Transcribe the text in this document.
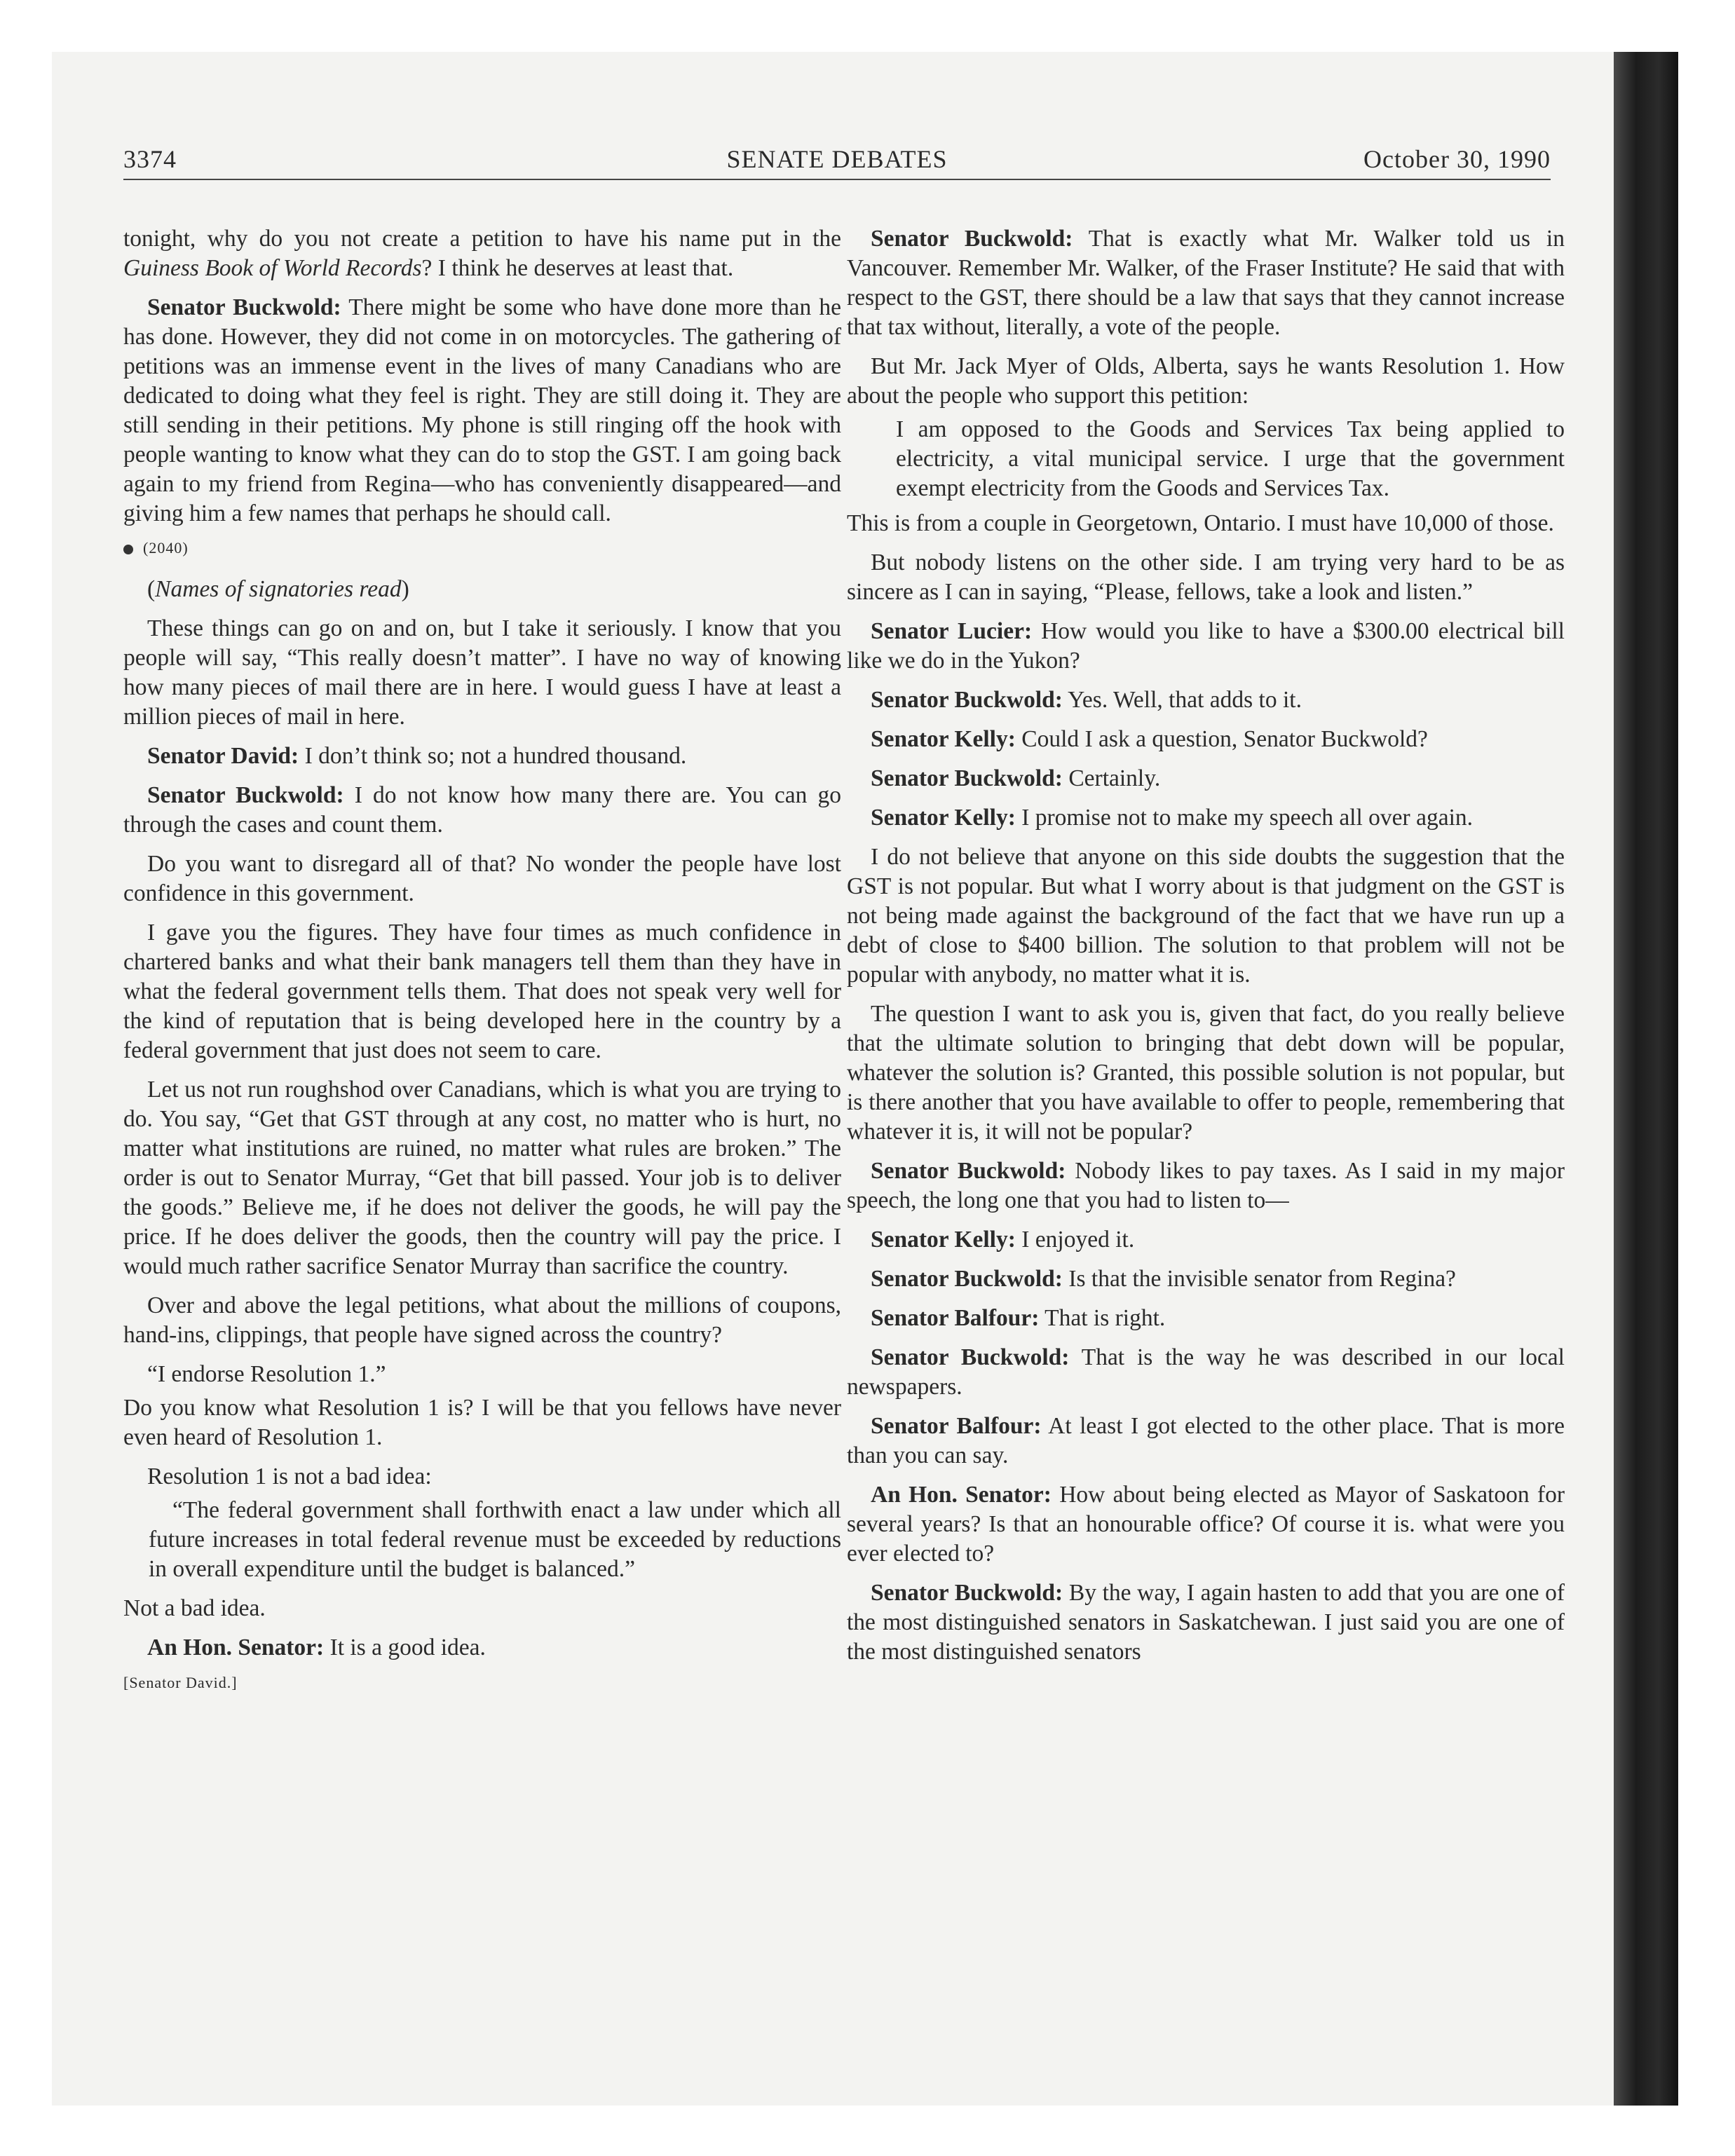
3374	SENATE DEBATES	October 30, 1990

tonight, why do you not create a petition to have his name put in the Guiness Book of World Records? I think he deserves at least that.

Senator Buckwold: There might be some who have done more than he has done. However, they did not come in on motorcycles. The gathering of petitions was an immense event in the lives of many Canadians who are dedicated to doing what they feel is right. They are still doing it. They are still sending in their petitions. My phone is still ringing off the hook with people wanting to know what they can do to stop the GST. I am going back again to my friend from Regina—who has conveniently disappeared—and giving him a few names that perhaps he should call.

(2040)

(Names of signatories read)

These things can go on and on, but I take it seriously. I know that you people will say, “This really doesn’t matter”. I have no way of knowing how many pieces of mail there are in here. I would guess I have at least a million pieces of mail in here.

Senator David: I don’t think so; not a hundred thousand.

Senator Buckwold: I do not know how many there are. You can go through the cases and count them.

Do you want to disregard all of that? No wonder the people have lost confidence in this government.

I gave you the figures. They have four times as much confidence in chartered banks and what their bank managers tell them than they have in what the federal government tells them. That does not speak very well for the kind of reputation that is being developed here in the country by a federal government that just does not seem to care.

Let us not run roughshod over Canadians, which is what you are trying to do. You say, “Get that GST through at any cost, no matter who is hurt, no matter what institutions are ruined, no matter what rules are broken.” The order is out to Senator Murray, “Get that bill passed. Your job is to deliver the goods.” Believe me, if he does not deliver the goods, he will pay the price. If he does deliver the goods, then the country will pay the price. I would much rather sacrifice Senator Murray than sacrifice the country.

Over and above the legal petitions, what about the millions of coupons, hand-ins, clippings, that people have signed across the country?

“I endorse Resolution 1.”

Do you know what Resolution 1 is? I will be that you fellows have never even heard of Resolution 1.

Resolution 1 is not a bad idea:

“The federal government shall forthwith enact a law under which all future increases in total federal revenue must be exceeded by reductions in overall expenditure until the budget is balanced.”

Not a bad idea.

An Hon. Senator: It is a good idea.

[Senator David.]

Senator Buckwold: That is exactly what Mr. Walker told us in Vancouver. Remember Mr. Walker, of the Fraser Institute? He said that with respect to the GST, there should be a law that says that they cannot increase that tax without, literally, a vote of the people.

But Mr. Jack Myer of Olds, Alberta, says he wants Resolution 1. How about the people who support this petition:

I am opposed to the Goods and Services Tax being applied to electricity, a vital municipal service. I urge that the government exempt electricity from the Goods and Services Tax.

This is from a couple in Georgetown, Ontario. I must have 10,000 of those.

But nobody listens on the other side. I am trying very hard to be as sincere as I can in saying, “Please, fellows, take a look and listen.”

Senator Lucier: How would you like to have a $300.00 electrical bill like we do in the Yukon?

Senator Buckwold: Yes. Well, that adds to it.

Senator Kelly: Could I ask a question, Senator Buckwold?

Senator Buckwold: Certainly.

Senator Kelly: I promise not to make my speech all over again.

I do not believe that anyone on this side doubts the suggestion that the GST is not popular. But what I worry about is that judgment on the GST is not being made against the background of the fact that we have run up a debt of close to $400 billion. The solution to that problem will not be popular with anybody, no matter what it is.

The question I want to ask you is, given that fact, do you really believe that the ultimate solution to bringing that debt down will be popular, whatever the solution is? Granted, this possible solution is not popular, but is there another that you have available to offer to people, remembering that whatever it is, it will not be popular?

Senator Buckwold: Nobody likes to pay taxes. As I said in my major speech, the long one that you had to listen to—

Senator Kelly: I enjoyed it.

Senator Buckwold: Is that the invisible senator from Regina?

Senator Balfour: That is right.

Senator Buckwold: That is the way he was described in our local newspapers.

Senator Balfour: At least I got elected to the other place. That is more than you can say.

An Hon. Senator: How about being elected as Mayor of Saskatoon for several years? Is that an honourable office? Of course it is. what were you ever elected to?

Senator Buckwold: By the way, I again hasten to add that you are one of the most distinguished senators in Saskatchewan. I just said you are one of the most distinguished senators
